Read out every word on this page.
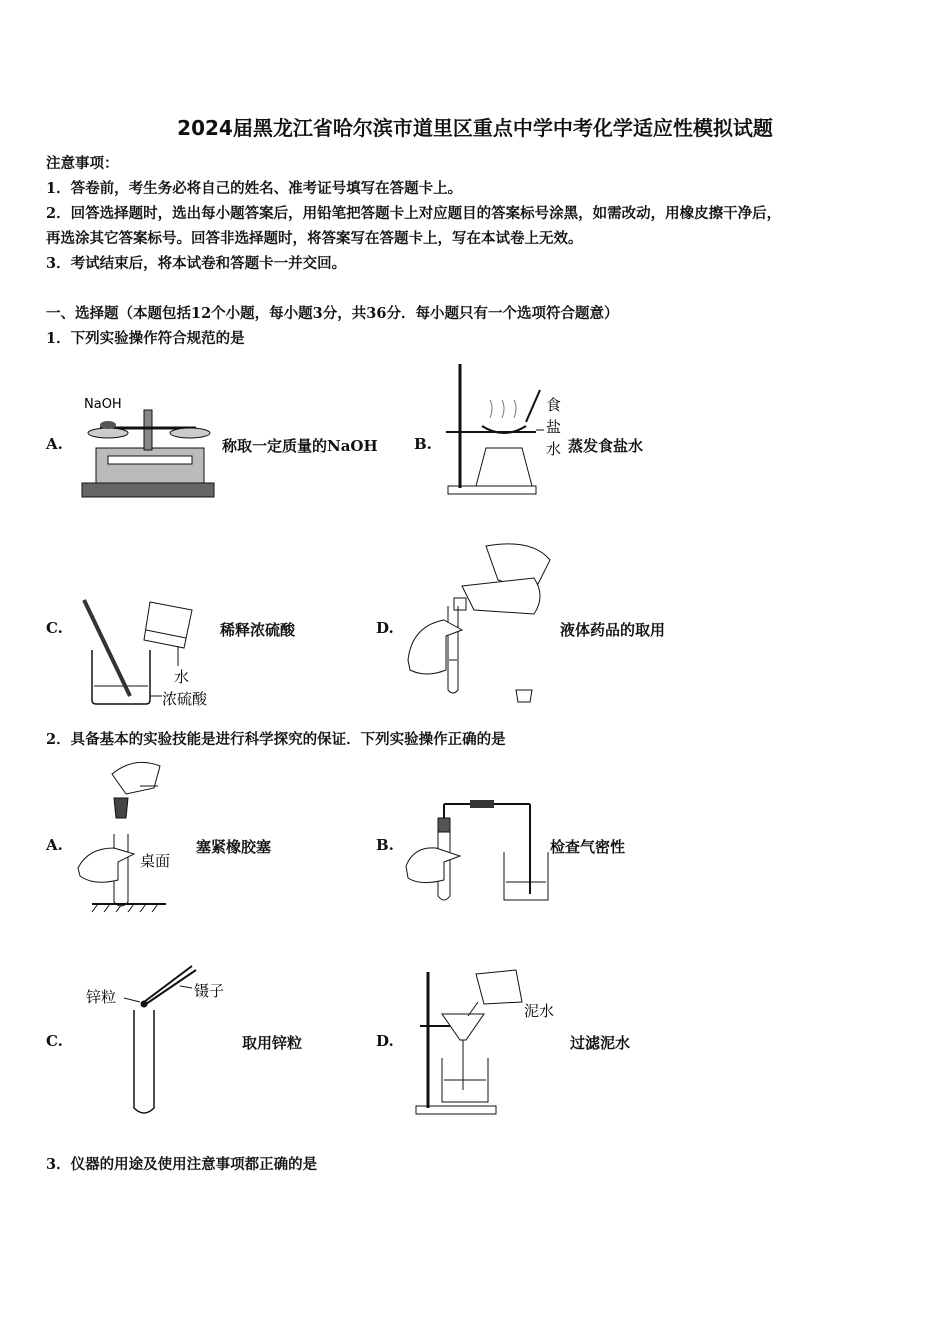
2024届黑龙江省哈尔滨市道里区重点中学中考化学适应性模拟试题
注意事项：
1．答卷前，考生务必将自己的姓名、准考证号填写在答题卡上。
2．回答选择题时，选出每小题答案后，用铅笔把答题卡上对应题目的答案标号涂黑，如需改动，用橡皮擦干净后，
再选涂其它答案标号。回答非选择题时，将答案写在答题卡上，写在本试卷上无效。
3．考试结束后，将本试卷和答题卡一并交回。
一、选择题（本题包括12个小题，每小题3分，共36分．每小题只有一个选项符合题意）
1．下列实验操作符合规范的是
A.
NaOH
称取一定质量的NaOH B.
食
盐
水 蒸发食盐水
C.
水
浓硫酸
稀释浓硫酸	D.	液体药品的取用
2．具备基本的实验技能是进行科学探究的保证．下列实验操作正确的是
A.
桌面
塞紧橡胶塞	B.	检查气密性
C.
锌粒	镊子
取用锌粒	D.
泥水
过滤泥水
3．仪器的用途及使用注意事项都正确的是
